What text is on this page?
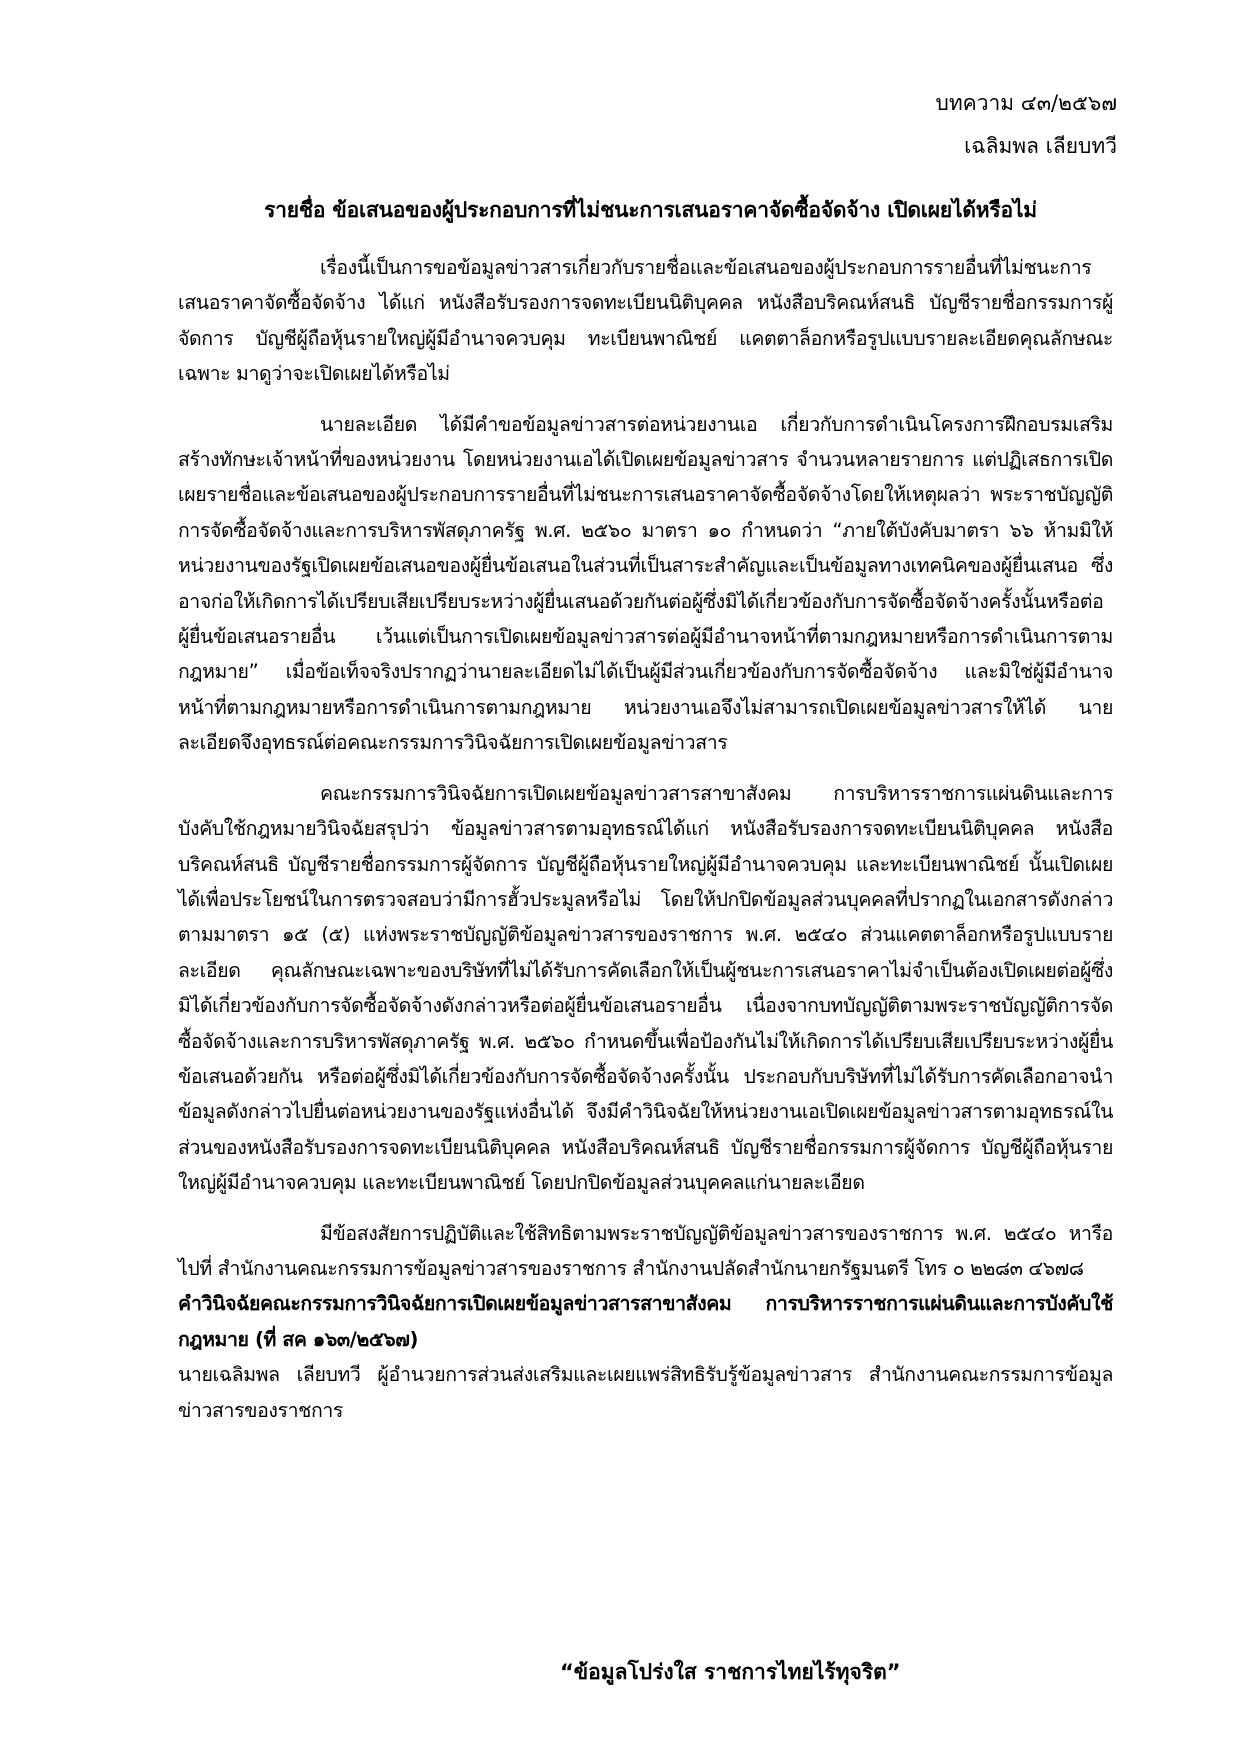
บทความ ๔๓/๒๕๖๗
เฉลิมพล เลียบทวี
รายชื่อ ข้อเสนอของผู้ประกอบการที่ไม่ชนะการเสนอราคาจัดซื้อจัดจ้าง เปิดเผยได้หรือไม่

เรื่องนี้เป็นการขอข้อมูลข่าวสารเกี่ยวกับรายชื่อและข้อเสนอของผู้ประกอบการรายอื่นที่ไม่ชนะการเสนอราคาจัดซื้อจัดจ้าง ได้แก่ หนังสือรับรองการจดทะเบียนนิติบุคคล หนังสือบริคณห์สนธิ บัญชีรายชื่อกรรมการผู้จัดการ บัญชีผู้ถือหุ้นรายใหญ่ผู้มีอำนาจควบคุม ทะเบียนพาณิชย์ แคตตาล็อกหรือรูปแบบรายละเอียดคุณลักษณะเฉพาะ มาดูว่าจะเปิดเผยได้หรือไม่

นายละเอียด ได้มีคำขอข้อมูลข่าวสารต่อหน่วยงานเอ เกี่ยวกับการดำเนินโครงการฝึกอบรมเสริมสร้างทักษะเจ้าหน้าที่ของหน่วยงาน โดยหน่วยงานเอได้เปิดเผยข้อมูลข่าวสาร จำนวนหลายรายการ แต่ปฏิเสธการเปิดเผยรายชื่อและข้อเสนอของผู้ประกอบการรายอื่นที่ไม่ชนะการเสนอราคาจัดซื้อจัดจ้างโดยให้เหตุผลว่า พระราชบัญญัติการจัดซื้อจัดจ้างและการบริหารพัสดุภาครัฐ พ.ศ. ๒๕๖๐ มาตรา ๑๐ กำหนดว่า “ภายใต้บังคับมาตรา ๖๖ ห้ามมิให้หน่วยงานของรัฐเปิดเผยข้อเสนอของผู้ยื่นข้อเสนอในส่วนที่เป็นสาระสำคัญและเป็นข้อมูลทางเทคนิคของผู้ยื่นเสนอ ซึ่งอาจก่อให้เกิดการได้เปรียบเสียเปรียบระหว่างผู้ยื่นเสนอด้วยกันต่อผู้ซึ่งมิได้เกี่ยวข้องกับการจัดซื้อจัดจ้างครั้งนั้นหรือต่อผู้ยื่นข้อเสนอรายอื่น เว้นแต่เป็นการเปิดเผยข้อมูลข่าวสารต่อผู้มีอำนาจหน้าที่ตามกฎหมายหรือการดำเนินการตามกฎหมาย” เมื่อข้อเท็จจริงปรากฏว่านายละเอียดไม่ได้เป็นผู้มีส่วนเกี่ยวข้องกับการจัดซื้อจัดจ้าง และมิใช่ผู้มีอำนาจหน้าที่ตามกฎหมายหรือการดำเนินการตามกฎหมาย หน่วยงานเอจึงไม่สามารถเปิดเผยข้อมูลข่าวสารให้ได้ นายละเอียดจึงอุทธรณ์ต่อคณะกรรมการวินิจฉัยการเปิดเผยข้อมูลข่าวสาร

คณะกรรมการวินิจฉัยการเปิดเผยข้อมูลข่าวสารสาขาสังคม การบริหารราชการแผ่นดินและการบังคับใช้กฎหมายวินิจฉัยสรุปว่า ข้อมูลข่าวสารตามอุทธรณ์ได้แก่ หนังสือรับรองการจดทะเบียนนิติบุคคล หนังสือบริคณห์สนธิ บัญชีรายชื่อกรรมการผู้จัดการ บัญชีผู้ถือหุ้นรายใหญ่ผู้มีอำนาจควบคุม และทะเบียนพาณิชย์ นั้นเปิดเผยได้เพื่อประโยชน์ในการตรวจสอบว่ามีการฮั้วประมูลหรือไม่ โดยให้ปกปิดข้อมูลส่วนบุคคลที่ปรากฏในเอกสารดังกล่าวตามมาตรา ๑๕ (๕) แห่งพระราชบัญญัติข้อมูลข่าวสารของราชการ พ.ศ. ๒๕๔๐ ส่วนแคตตาล็อกหรือรูปแบบรายละเอียด คุณลักษณะเฉพาะของบริษัทที่ไม่ได้รับการคัดเลือกให้เป็นผู้ชนะการเสนอราคาไม่จำเป็นต้องเปิดเผยต่อผู้ซึ่งมิได้เกี่ยวข้องกับการจัดซื้อจัดจ้างดังกล่าวหรือต่อผู้ยื่นข้อเสนอรายอื่น เนื่องจากบทบัญญัติตามพระราชบัญญัติการจัดซื้อจัดจ้างและการบริหารพัสดุภาครัฐ พ.ศ. ๒๕๖๐ กำหนดขึ้นเพื่อป้องกันไม่ให้เกิดการได้เปรียบเสียเปรียบระหว่างผู้ยื่นข้อเสนอด้วยกัน หรือต่อผู้ซึ่งมิได้เกี่ยวข้องกับการจัดซื้อจัดจ้างครั้งนั้น ประกอบกับบริษัทที่ไม่ได้รับการคัดเลือกอาจนำข้อมูลดังกล่าวไปยื่นต่อหน่วยงานของรัฐแห่งอื่นได้ จึงมีคำวินิจฉัยให้หน่วยงานเอเปิดเผยข้อมูลข่าวสารตามอุทธรณ์ในส่วนของหนังสือรับรองการจดทะเบียนนิติบุคคล หนังสือบริคณห์สนธิ บัญชีรายชื่อกรรมการผู้จัดการ บัญชีผู้ถือหุ้นรายใหญ่ผู้มีอำนาจควบคุม และทะเบียนพาณิชย์ โดยปกปิดข้อมูลส่วนบุคคลแก่นายละเอียด

มีข้อสงสัยการปฏิบัติและใช้สิทธิตามพระราชบัญญัติข้อมูลข่าวสารของราชการ พ.ศ. ๒๕๔๐ หารือไปที่ สำนักงานคณะกรรมการข้อมูลข่าวสารของราชการ สำนักงานปลัดสำนักนายกรัฐมนตรี โทร ๐ ๒๒๘๓ ๔๖๗๘

คำวินิจฉัยคณะกรรมการวินิจฉัยการเปิดเผยข้อมูลข่าวสารสาขาสังคม การบริหารราชการแผ่นดินและการบังคับใช้กฎหมาย (ที่ สค ๑๖๓/๒๕๖๗)

นายเฉลิมพล เลียบทวี ผู้อำนวยการส่วนส่งเสริมและเผยแพร่สิทธิรับรู้ข้อมูลข่าวสาร สำนักงานคณะกรรมการข้อมูลข่าวสารของราชการ

“ข้อมูลโปร่งใส ราชการไทยไร้ทุจริต”
